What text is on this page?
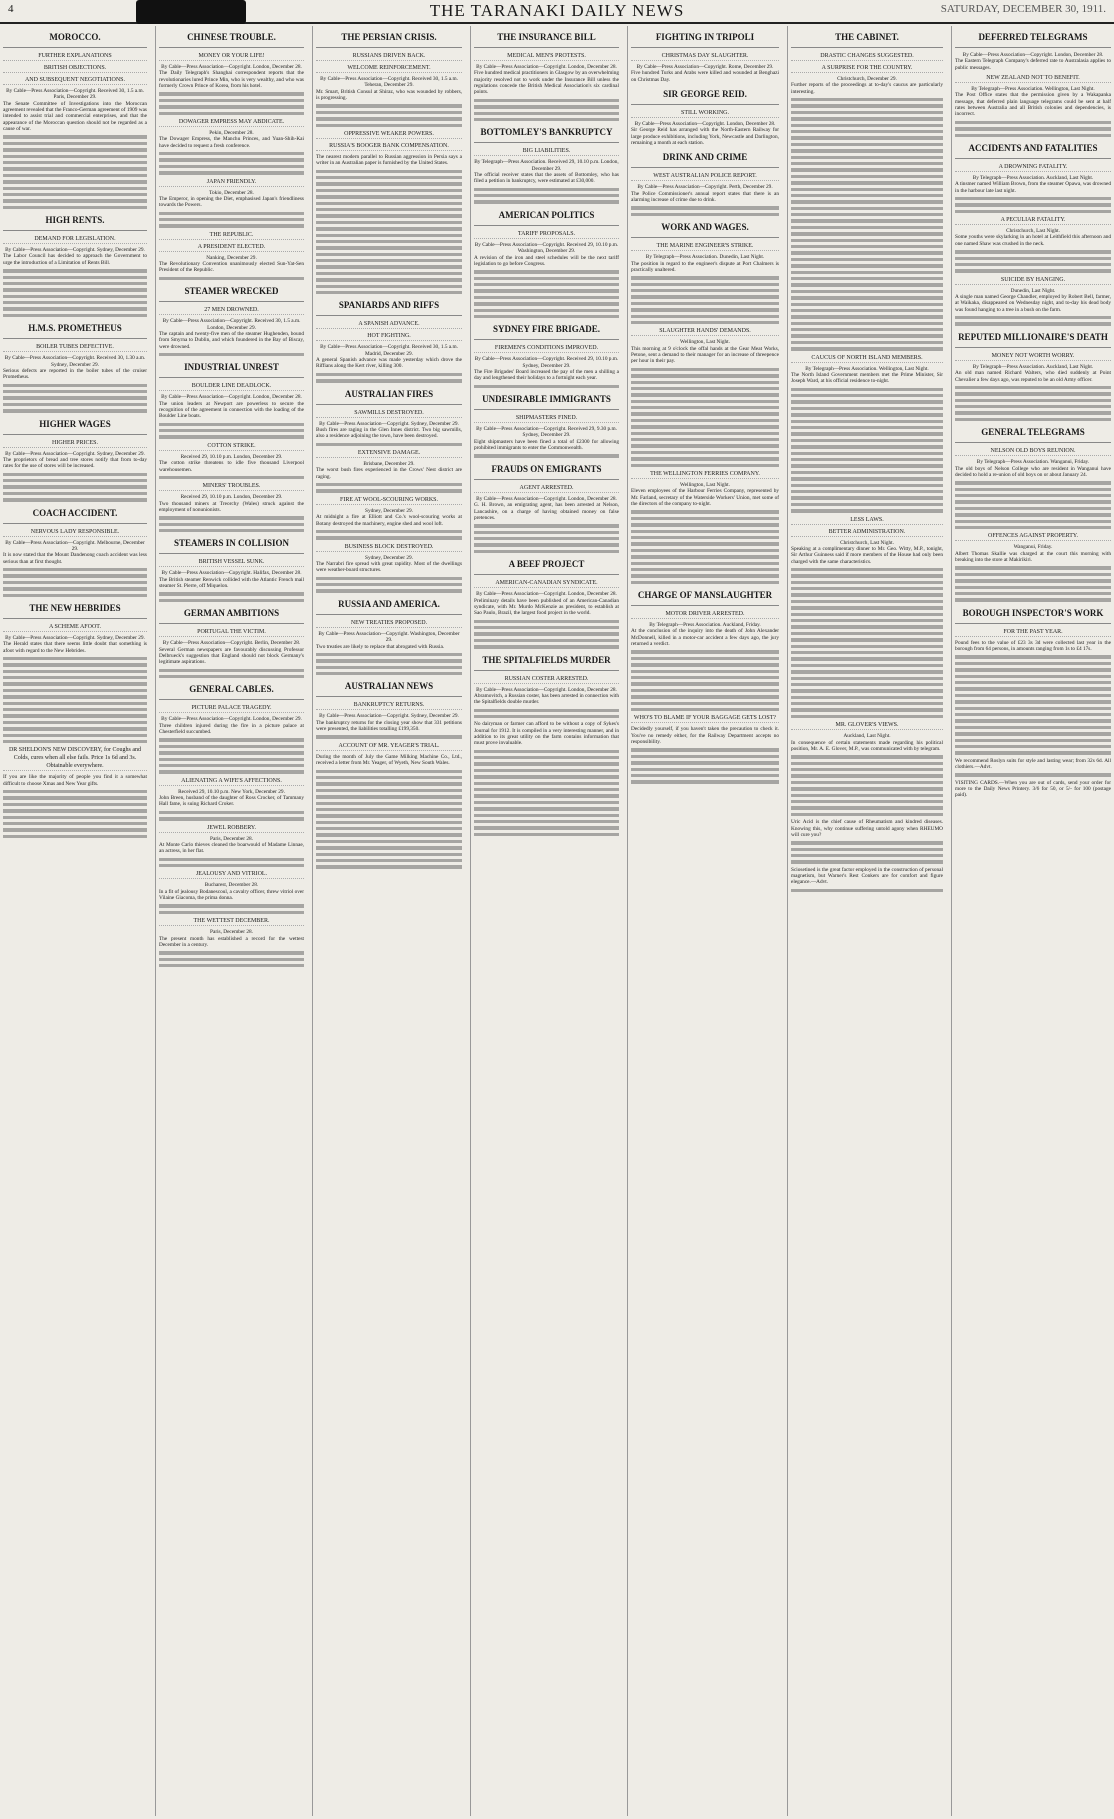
4	THE TARANAKI DAILY NEWS	SATURDAY, DECEMBER 30, 1911.
MOROCCO.
FURTHER EXPLANATIONS
BRITISH OBJECTIONS.
AND SUBSEQUENT NEGOTIATIONS.
By Cable—Press Association—Copyright. Received 30, 1.5 a.m. Paris, December 29.

The Senate Committee of Investigations into the Moroccan agreement revealed that the Franco-German agreement of 1909 was intended to assist trial and commercial enterprises, and that the appearance of the Moroccan question should not be regarded as a cause of war.

HIGH RENTS.
DEMAND FOR LEGISLATION.
By Cable—Press Association—Copyright. Sydney, December 29.

The Labor Council has decided to approach the Government to urge the introduction of a Limitation of Rents Bill.

H.M.S. PROMETHEUS
BOILER TUBES DEFECTIVE.
By Cable—Press Association—Copyright. Received 30, 1.30 a.m. Sydney, December 29.

Serious defects are reported in the boiler tubes of the cruiser Prometheus.

HIGHER WAGES
HIGHER PRICES.
By Cable—Press Association—Copyright. Sydney, December 29.

The proprietors of bread and tree stores notify that from to-day rates for the use of stores will be increased.

COACH ACCIDENT.
NERVOUS LADY RESPONSIBLE.
By Cable—Press Association—Copyright. Melbourne, December 29.

It is now stated that the Mount Dandenong coach accident was less serious than at first thought.

THE NEW HEBRIDES
A SCHEME AFOOT.
By Cable—Press Association—Copyright. Sydney, December 29.

The Herald states that there seems little doubt that something is afoot with regard to the New Hebrides.

DR SHELDON'S NEW DISCOVERY, for Coughs and Colds, cures when all else fails. Price 1s 6d and 3s. Obtainable everywhere.

If you are like the majority of people you find it a somewhat difficult to choose Xmas and New Year gifts.

CHINESE TROUBLE.
MONEY OR YOUR LIFE!
By Cable—Press Association—Copyright. London, December 28.

The Daily Telegraph's Shanghai correspondent reports that the revolutionaries lured Prince Min, who is very wealthy, and who was formerly Crown Prince of Korea, from his hotel.

DOWAGER EMPRESS MAY ABDICATE.
Pekin, December 28.

The Dowager Empress, the Manchu Princes, and Yuan-Shih-Kai have decided to request a fresh conference.

JAPAN FRIENDLY.
Tokio, December 28.

The Emperor, in opening the Diet, emphasised Japan's friendliness towards the Powers.

THE REPUBLIC.
A PRESIDENT ELECTED.
Nanking, December 29.

The Revolutionary Convention unanimously elected Sun-Yat-Sen President of the Republic.

STEAMER WRECKED
27 MEN DROWNED.
By Cable—Press Association—Copyright. Received 30, 1.5 a.m. London, December 29.

The captain and twenty-five men of the steamer Hughenden, bound from Smyrna to Dublin, and which foundered in the Bay of Biscay, were drowned.

INDUSTRIAL UNREST
BOULDER LINE DEADLOCK.
By Cable—Press Association—Copyright. London, December 28.

The union leaders at Newport are powerless to secure the recognition of the agreement in connection with the loading of the Boulder Line boats.

COTTON STRIKE.
Received 29, 10.10 p.m. London, December 29.

The cotton strike threatens to idle five thousand Liverpool warehousemen.

MINERS' TROUBLES.
Received 29, 10.10 p.m. London, December 29.

Two thousand miners at Treorchy (Wales) struck against the employment of nonunionists.

STEAMERS IN COLLISION
BRITISH VESSEL SUNK.
By Cable—Press Association—Copyright. Halifax, December 28.

The British steamer Renwick collided with the Atlantic French mail steamer St. Pierre, off Miquelon.

GERMAN AMBITIONS
PORTUGAL THE VICTIM.
By Cable—Press Association—Copyright. Berlin, December 28.

Several German newspapers are favourably discussing Professor Delbrueck's suggestion that England should not block Germany's legitimate aspirations.

GENERAL CABLES.
PICTURE PALACE TRAGEDY.
By Cable—Press Association—Copyright. London, December 29.

Three children injured during the fire in a picture palace at Chesterfield succumbed.

ALIENATING A WIFE'S AFFECTIONS.
Received 29, 10.10 p.m. New York, December 29.

John Breen, husband of the daughter of Ross Crocker, of Tammany Hall fame, is suing Richard Croker.

JEWEL ROBBERY.
Paris, December 28.

At Monte Carlo thieves cleaned the boarwould of Madame Linnae, an actress, in her flat.

JEALOUSY AND VITRIOL.
Bucharest, December 28.

In a fit of jealousy Bodanescoul, a cavalry officer, threw vitriol over Vilaine Giacoma, the prima donna.

THE WETTEST DECEMBER.
Paris, December 28.

The present month has established a record for the wettest December in a century.

THE PERSIAN CRISIS.
RUSSIANS DRIVEN BACK.
WELCOME REINFORCEMENT.
By Cable—Press Association—Copyright. Received 30, 1.5 a.m. Teheran, December 29.

Mr. Smart, British Consul at Shiraz, who was wounded by robbers, is progressing.

OPPRESSIVE WEAKER POWERS.
RUSSIA'S BOOGER BANK COMPENSATION.

The nearest modern parallel to Russian aggression in Persia says a writer in an Australian paper is furnished by the United States.

SPANIARDS AND RIFFS
A SPANISH ADVANCE.
HOT FIGHTING.
By Cable—Press Association—Copyright. Received 30, 1.5 a.m. Madrid, December 29.

A general Spanish advance was made yesterday which drove the Riffians along the Kert river, killing 300.

AUSTRALIAN FIRES
SAWMILLS DESTROYED.
By Cable—Press Association—Copyright. Sydney, December 29.

Bush fires are raging in the Glen Innes district. Two big sawmills, also a residence adjoining the town, have been destroyed.

EXTENSIVE DAMAGE.
Brisbane, December 29.

The worst bush fires experienced in the Crows' Nest district are raging.

FIRE AT WOOL-SCOURING WORKS.
Sydney, December 29.

At midnight a fire at Elliott and Co.'s wool-scouring works at Botany destroyed the machinery, engine shed and wool loft.

BUSINESS BLOCK DESTROYED.
Sydney, December 29.

The Narrabri fire spread with great rapidity. Most of the dwellings were weather-board structures.

RUSSIA AND AMERICA.
NEW TREATIES PROPOSED.
By Cable—Press Association—Copyright. Washington, December 29.

Two treaties are likely to replace that abrogated with Russia.

AUSTRALIAN NEWS
BANKRUPTCY RETURNS.
By Cable—Press Association—Copyright. Sydney, December 29.

The bankruptcy returns for the closing year show that 331 petitions were presented, the liabilities totalling £199,350.

ACCOUNT OF MR. YEAGER'S TRIAL.

During the month of July the Game Milking Machine Co., Ltd., received a letter from Mr. Yeager, of Wyeth, New South Wales.

THE INSURANCE BILL
MEDICAL MEN'S PROTESTS.
By Cable—Press Association—Copyright. London, December 28.

Five hundred medical practitioners in Glasgow by an overwhelming majority resolved not to work under the Insurance Bill unless the regulations concede the British Medical Association's six cardinal points.

BOTTOMLEY'S BANKRUPTCY
BIG LIABILITIES.
By Telegraph—Press Association. Received 29, 10.10 p.m. London, December 29.

The official receiver states that the assets of Bottomley, who has filed a petition in bankruptcy, were estimated at £30,000.

AMERICAN POLITICS
TARIFF PROPOSALS.
By Cable—Press Association—Copyright. Received 29, 10.10 p.m. Washington, December 29.

A revision of the iron and steel schedules will be the next tariff legislation to go before Congress.

SYDNEY FIRE BRIGADE.
FIREMEN'S CONDITIONS IMPROVED.
By Cable—Press Association—Copyright. Received 29, 10.10 p.m. Sydney, December 29.

The Fire Brigades' Board increased the pay of the men a shilling a day and lengthened their holidays to a fortnight each year.

UNDESIRABLE IMMIGRANTS
SHIPMASTERS FINED.
By Cable—Press Association—Copyright. Received 29, 9.30 p.m. Sydney, December 29.

Eight shipmasters have been fined a total of £2300 for allowing prohibited immigrants to enter the Commonwealth.

FRAUDS ON EMIGRANTS
AGENT ARRESTED.
By Cable—Press Association—Copyright. London, December 28.

G. H. Brown, an emigrating agent, has been arrested at Nelson, Lancashire, on a charge of having obtained money on false pretences.

A BEEF PROJECT
AMERICAN-CANADIAN SYNDICATE.
By Cable—Press Association—Copyright. London, December 28.

Preliminary details have been published of an American-Canadian syndicate, with Mr. Murdo McKenzie as president, to establish at Sao Paulo, Brazil, the largest food project in the world.

THE SPITALFIELDS MURDER
RUSSIAN COSTER ARRESTED.
By Cable—Press Association—Copyright. London, December 28.

Abramovitch, a Russian coster, has been arrested in connection with the Spitalfields double murder.

No dairyman or farmer can afford to be without a copy of Sykes's Journal for 1912. It is compiled in a very interesting manner, and in addition to its great utility on the farm contains information that must prove invaluable.

FIGHTING IN TRIPOLI
CHRISTMAS DAY SLAUGHTER.
By Cable—Press Association—Copyright. Rome, December 29.

Five hundred Turks and Arabs were killed and wounded at Benghazi on Christmas Day.

SIR GEORGE REID.
STILL WORKING.
By Cable—Press Association—Copyright. London, December 28.

Sir George Reid has arranged with the North-Eastern Railway for large produce exhibitions, including York, Newcastle and Darlington, remaining a month at each station.

DRINK AND CRIME
WEST AUSTRALIAN POLICE REPORT.
By Cable—Press Association—Copyright. Perth, December 29.

The Police Commissioner's annual report states that there is an alarming increase of crime due to drink.

WORK AND WAGES.
THE MARINE ENGINEER'S STRIKE.
By Telegraph—Press Association. Dunedin, Last Night.

The position in regard to the engineer's dispute at Port Chalmers is practically unaltered.

SLAUGHTER HANDS' DEMANDS.
Wellington, Last Night.

This morning at 9 o'clock the offal hands at the Gear Meat Works, Petone, sent a demand to their manager for an increase of threepence per hour in their pay.

THE WELLINGTON FERRIES COMPANY.
Wellington, Last Night.

Eleven employees of the Harbour Ferries Company, represented by Mr. Farland, secretary of the Waterside Workers' Union, met some of the directors of the company to-night.

CHARGE OF MANSLAUGHTER
MOTOR DRIVER ARRESTED.
By Telegraph—Press Association. Auckland, Friday.

At the conclusion of the inquiry into the death of John Alexander McDonnell, killed in a motor-car accident a few days ago, the jury returned a verdict.

WHO'S TO BLAME IF YOUR BAGGAGE GETS LOST?

Decidedly yourself, if you haven't taken the precaution to check it. You've no remedy either, for the Railway Department accepts no responsibility.

THE CABINET.
DRASTIC CHANGES SUGGESTED.
A SURPRISE FOR THE COUNTRY.
Christchurch, December 29.

Further reports of the proceedings at to-day's caucus are particularly interesting.

CAUCUS OF NORTH ISLAND MEMBERS.
By Telegraph—Press Association. Wellington, Last Night.

The North Island Government members met the Prime Minister, Sir Joseph Ward, at his official residence to-night.

LESS LAWS.
BETTER ADMINISTRATION.
Christchurch, Last Night.

Speaking at a complimentary dinner to Mr. Geo. Witty, M.P., tonight, Sir Arthur Guinness said if more members of the House had only been charged with the same characteristics.

MR. GLOVER'S VIEWS.
Auckland, Last Night.

In consequence of certain statements made regarding his political position, Mr. A. E. Glover, M.P., was communicated with by telegram.

Uric Acid is the chief cause of Rheumatism and kindred diseases. Knowing this, why continue suffering untold agony when RHEUMO will cure you?

Sciosetined is the great factor employed in the construction of personal magnetism, but Warner's Rest Conkers are for comfort and figure elegance.—Advt.

DEFERRED TELEGRAMS
By Cable—Press Association—Copyright. London, December 28.

The Eastern Telegraph Company's deferred rate to Australasia applies to public messages.

NEW ZEALAND NOT TO BENEFIT.
By Telegraph—Press Association. Wellington, Last Night.

The Post Office states that the permission given by a Wakapanka message, that deferred plain language telegrams could be sent at half rates between Australia and all British colonies and dependencies, is incorrect.

ACCIDENTS AND FATALITIES
A DROWNING FATALITY.
By Telegraph—Press Association. Auckland, Last Night.

A tinsmer named William Brown, from the steamer Opawa, was drowned in the harbour late last night.

A PECULIAR FATALITY.
Christchurch, Last Night.

Some youths were skylarking in an hotel at Leithfield this afternoon and one named Shaw was crushed in the neck.

SUICIDE BY HANGING.
Dunedin, Last Night.

A single man named George Chandler, employed by Robert Bell, farmer, at Waikaka, disappeared on Wednesday night, and to-day his dead body was found hanging to a tree in a bush on the farm.

REPUTED MILLIONAIRE'S DEATH
MONEY NOT WORTH WORRY.
By Telegraph—Press Association. Auckland, Last Night.

An old man named Richard Walters, who died suddenly at Point Chevalier a few days ago, was reputed to be an old Army officer.

GENERAL TELEGRAMS
NELSON OLD BOYS REUNION.
By Telegraph—Press Association. Wanganui, Friday.

The old boys of Nelson College who are resident in Wanganui have decided to hold a re-union of old boys on or about January 24.

OFFENCES AGAINST PROPERTY.
Wanganui, Friday.

Albert Thomas Skallie was charged at the court this morning with breaking into the store at Makirikiri.

BOROUGH INSPECTOR'S WORK
FOR THE PAST YEAR.

Pound fees to the value of £23 3s 3d were collected last year in the borough from 64 persons, in amounts ranging from 1s to £4 17s.

We recommend Roslyn suits for style and lasting wear; from 32s 6d. All clothiers.—Advt.

VISITING CARDS.—When you are out of cards, send your order for more to the Daily News Printery. 3/6 for 50, or 5/- for 100 (postage paid).
